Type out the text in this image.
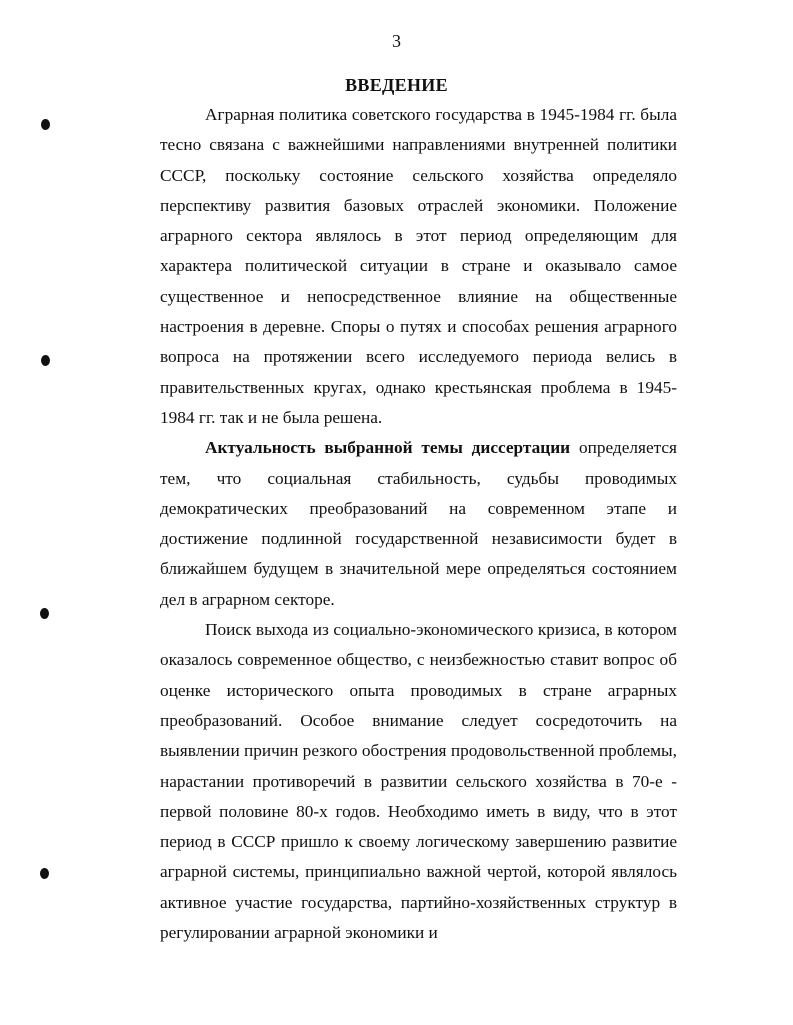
3
ВВЕДЕНИЕ

Аграрная политика советского государства в 1945-1984 гг. была тесно связана с важнейшими направлениями внутренней политики СССР, поскольку состояние сельского хозяйства определяло перспективу развития базовых отраслей экономики. Положение аграрного сектора являлось в этот период определяющим для характера политической ситуации в стране и оказывало самое существенное и непосредственное влияние на общественные настроения в деревне. Споры о путях и способах решения аграрного вопроса на протяжении всего исследуемого периода велись в правительственных кругах, однако крестьянская проблема в 1945-1984 гг. так и не была решена.

Актуальность выбранной темы диссертации определяется тем, что социальная стабильность, судьбы проводимых демократических преобразований на современном этапе и достижение подлинной государственной независимости будет в ближайшем будущем в значительной мере определяться состоянием дел в аграрном секторе.

Поиск выхода из социально-экономического кризиса, в котором оказалось современное общество, с неизбежностью ставит вопрос об оценке исторического опыта проводимых в стране аграрных преобразований. Особое внимание следует сосредоточить на выявлении причин резкого обострения продовольственной проблемы, нарастании противоречий в развитии сельского хозяйства в 70-е - первой половине 80-х годов. Необходимо иметь в виду, что в этот период в СССР пришло к своему логическому завершению развитие аграрной системы, принципиально важной чертой, которой являлось активное участие государства, партийно-хозяйственных структур в регулировании аграрной экономики и
